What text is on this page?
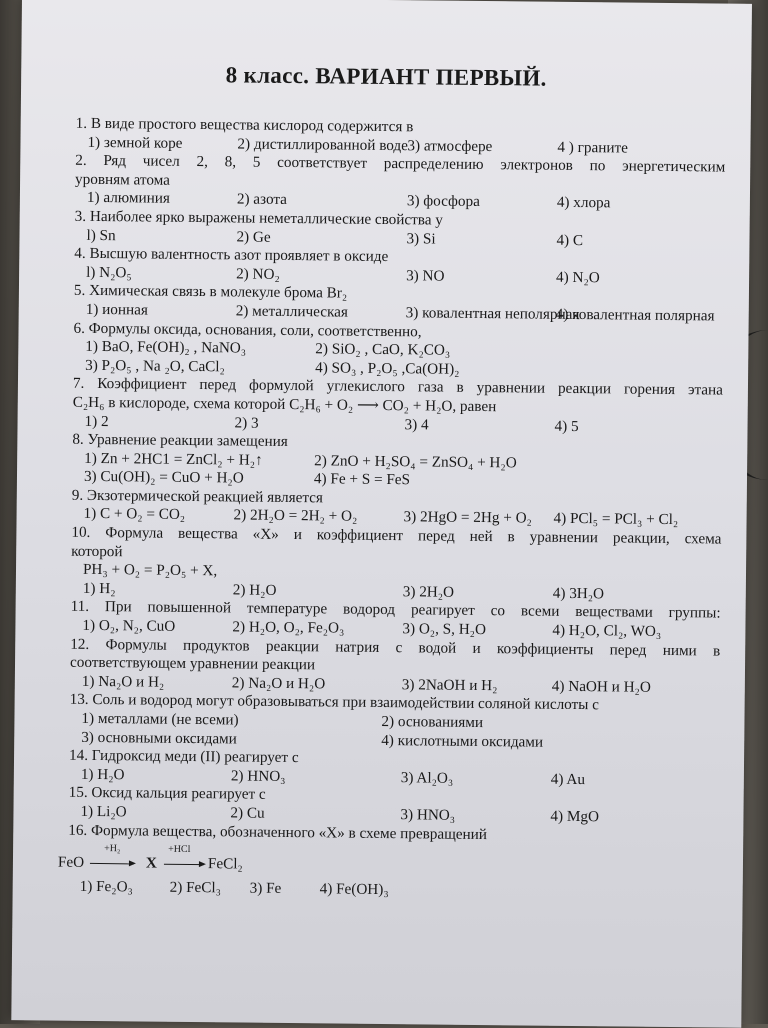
8 класс. ВАРИАНТ ПЕРВЫЙ.
1. В виде простого вещества кислород содержится в
1) земной коре	2) дистиллированной воде 3) атмосфере	4 ) граните
2. Ряд чисел 2, 8, 5 соответствует распределению электронов по энергетическим
уровням атома
1) алюминия	2) азота	3) фосфора	4) хлора
3. Наиболее ярко выражены неметаллические свойства у
l) Sn	2) Ge	3) Si	4) C
4. Высшую валентность азот проявляет в оксиде
l) N₂O₅	2) NO₂	3) NO	4) N₂O
5. Химическая связь в молекуле брома Br₂
1) ионная	2) металлическая	3) ковалентная неполярная
4) ковалентная полярная
6. Формулы оксида, основания, соли, соответственно,
1) BaO, Fe(OH)₂ , NaNO₃	2) SiO₂ , CaO, K₂CO₃
3) P₂O₅ , Na ₂O, CaCl₂	4) SO₃ , P₂O₅ ,Ca(OH)₂
7. Коэффициент перед формулой углекислого газа в уравнении реакции горения этана
C₂H₆ в кислороде, схема которой C₂H₆ + O₂ ⟶ CO₂ + H₂O, равен
1) 2	2) 3	3) 4	4) 5
8. Уравнение реакции замещения
1) Zn + 2HC1 = ZnCl₂ + H₂↑	2) ZnO + H₂SO₄ = ZnSO₄ + H₂O
3) Cu(OH)₂ = CuO + H₂O	4) Fe + S = FeS
9. Экзотермической реакцией является
1) C + O₂ = CO₂	2) 2H₂O = 2H₂ + O₂	3) 2HgO = 2Hg + O₂ 4) PCl₅ = PCl₃ + Cl₂
10. Формула вещества «X» и коэффициент перед ней в уравнении реакции, схема
которой
PH₃ + O₂ = P₂O₅ + X,
1) H₂	2) H₂O	3) 2H₂O	4) 3H₂O
11. При повышенной температуре водород реагирует со всеми веществами группы:
1) O₂, N₂, CuO	2) H₂O, O₂, Fe₂O₃	3) O₂, S, H₂O	4) H₂O, Cl₂, WO₃
12. Формулы продуктов реакции натрия с водой и коэффициенты перед ними в
соответствующем уравнении реакции
1) Na₂O и H₂	2) Na₂O и H₂O	3) 2NaOH и H₂	4) NaOH и H₂O
13. Соль и водород могут образовываться при взаимодействии соляной кислоты с
1) металлами (не всеми)	2) основаниями
3) основными оксидами	4) кислотными оксидами
14. Гидроксид меди (II) реагирует с
1) H₂O	2) HNO₃	3) Al₂O₃	4) Au
15. Оксид кальция реагирует с
1) Li₂O	2) Cu	3) HNO₃	4) MgO
16. Формула вещества, обозначенного «X» в схеме превращений
FeO
+H₂
X
+HCl
FeCl₂
1) Fe₂O₃ 2) FeCl₃ 3) Fe	4) Fe(OH)₃
